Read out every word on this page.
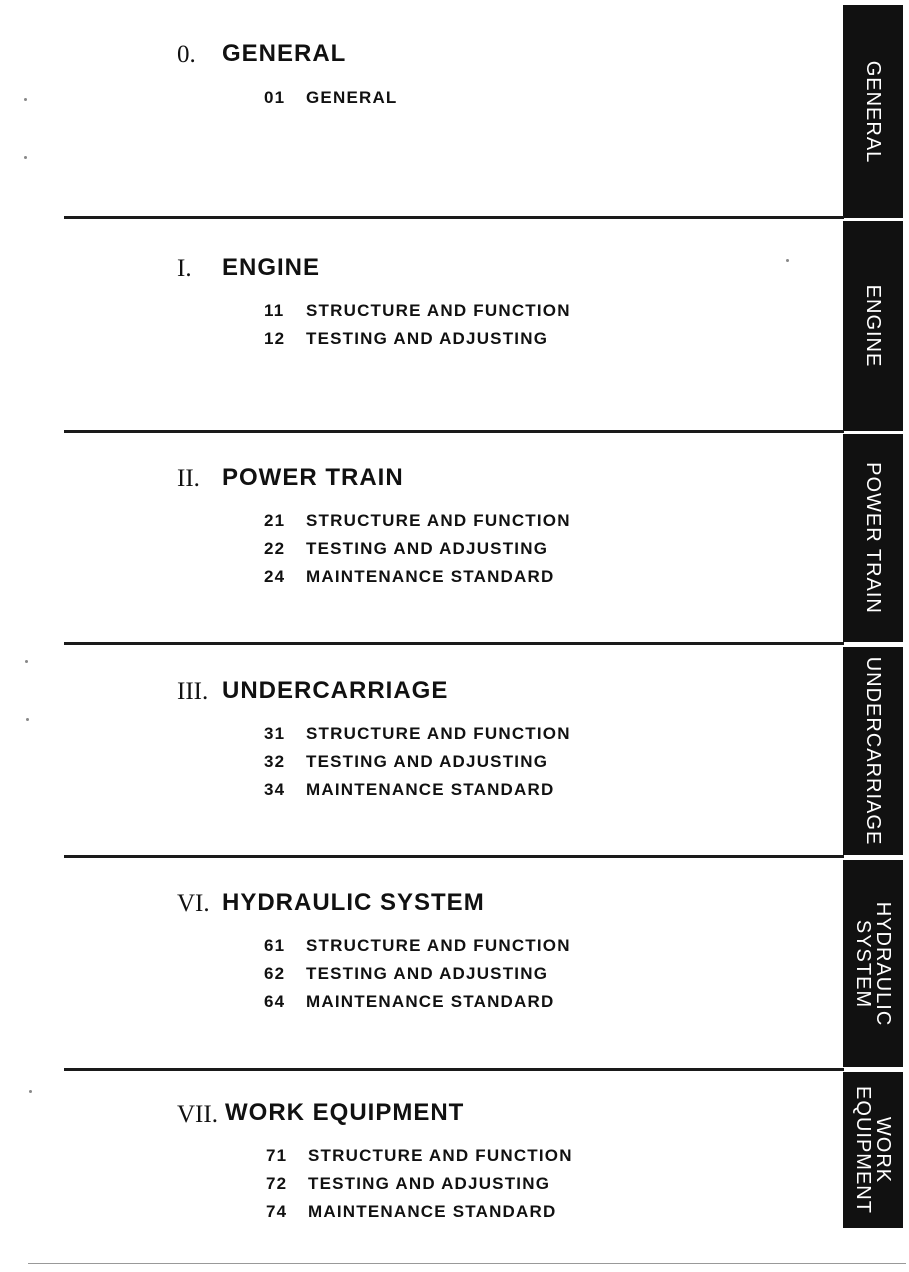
0. GENERAL
01 GENERAL	GENERAL
I. ENGINE
11 STRUCTURE AND FUNCTION
12 TESTING AND ADJUSTING	ENGINE
II. POWER TRAIN
21 STRUCTURE AND FUNCTION
22 TESTING AND ADJUSTING
24 MAINTENANCE STANDARD	POWER TRAIN
III. UNDERCARRIAGE
31 STRUCTURE AND FUNCTION
32 TESTING AND ADJUSTING
34 MAINTENANCE STANDARD	UNDERCARRIAGE
VI. HYDRAULIC SYSTEM
61 STRUCTURE AND FUNCTION
62 TESTING AND ADJUSTING
64 MAINTENANCE STANDARD	HYDRAULIC
SYSTEM
VII. WORK EQUIPMENT
71 STRUCTURE AND FUNCTION
72 TESTING AND ADJUSTING
74 MAINTENANCE STANDARD
WORK
EQUIPMENT
